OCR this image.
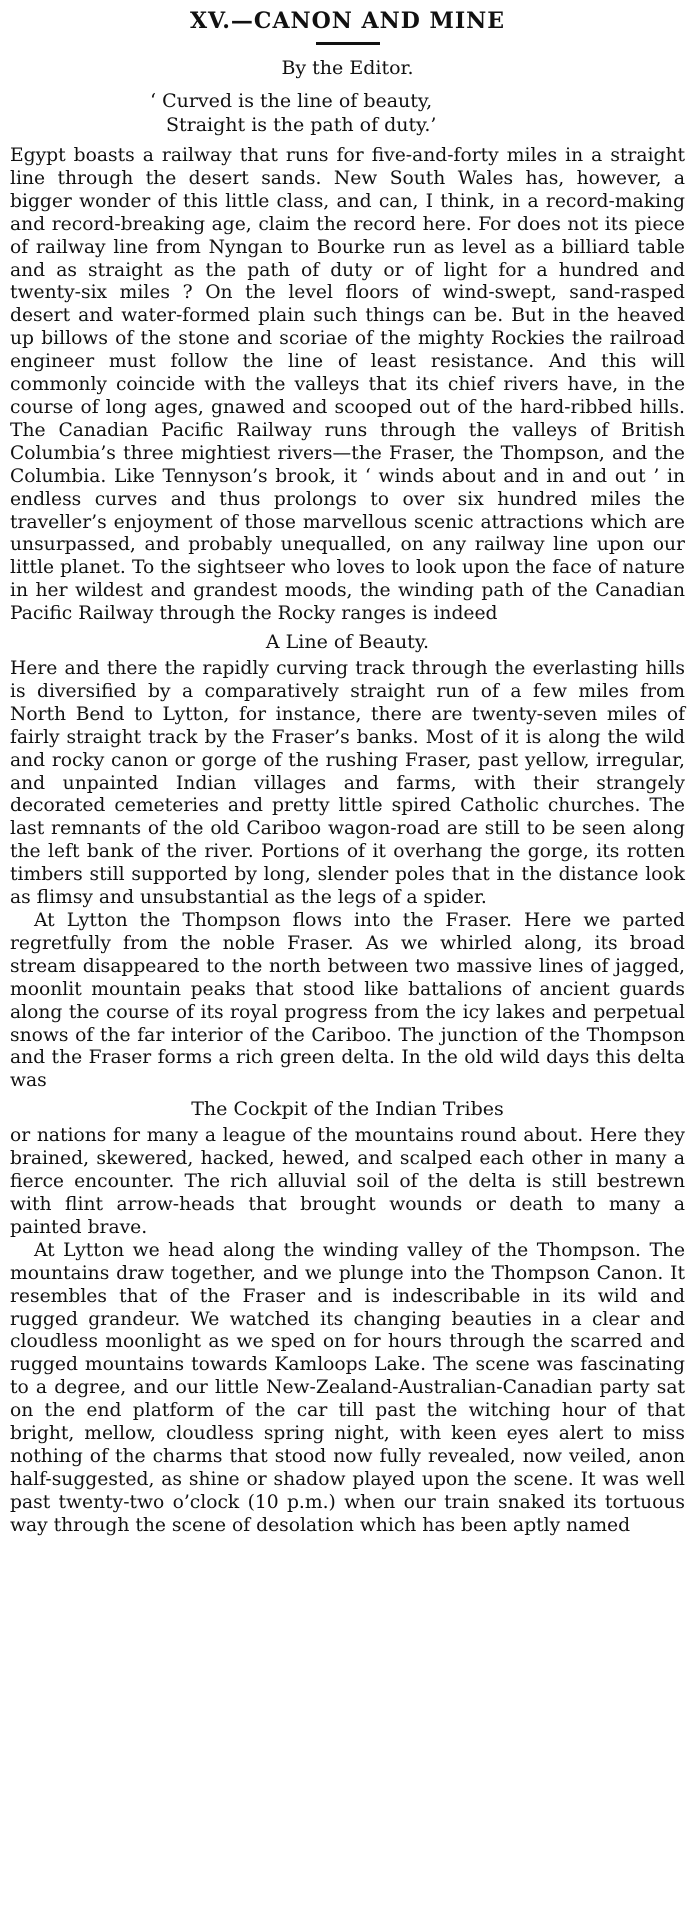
XV.—CANON AND MINE
By the Editor.
‘ Curved is the line of beauty,
Straight is the path of duty.’

Egypt boasts a railway that runs for five-and-forty miles in a straight line through the desert sands. New South Wales has, however, a bigger wonder of this little class, and can, I think, in a record-making and record-breaking age, claim the record here. For does not its piece of railway line from Nyngan to Bourke run as level as a billiard table and as straight as the path of duty or of light for a hundred and twenty-six miles ? On the level floors of wind-swept, sand-rasped desert and water-formed plain such things can be. But in the heaved up billows of the stone and scoriae of the mighty Rockies the railroad engineer must follow the line of least resistance. And this will commonly coincide with the valleys that its chief rivers have, in the course of long ages, gnawed and scooped out of the hard-ribbed hills. The Canadian Pacific Railway runs through the valleys of British Columbia’s three mightiest rivers—the Fraser, the Thompson, and the Columbia. Like Tennyson’s brook, it ‘ winds about and in and out ’ in endless curves and thus prolongs to over six hundred miles the traveller’s enjoyment of those marvellous scenic attractions which are unsurpassed, and probably unequalled, on any railway line upon our little planet. To the sightseer who loves to look upon the face of nature in her wildest and grandest moods, the winding path of the Canadian Pacific Railway through the Rocky ranges is indeed

A Line of Beauty.

Here and there the rapidly curving track through the everlasting hills is diversified by a comparatively straight run of a few miles from North Bend to Lytton, for instance, there are twenty-seven miles of fairly straight track by the Fraser’s banks. Most of it is along the wild and rocky canon or gorge of the rushing Fraser, past yellow, irregular, and unpainted Indian villages and farms, with their strangely decorated cemeteries and pretty little spired Catholic churches. The last remnants of the old Cariboo wagon-road are still to be seen along the left bank of the river. Portions of it overhang the gorge, its rotten timbers still supported by long, slender poles that in the distance look as flimsy and unsubstantial as the legs of a spider.

At Lytton the Thompson flows into the Fraser. Here we parted regretfully from the noble Fraser. As we whirled along, its broad stream disappeared to the north between two massive lines of jagged, moonlit mountain peaks that stood like battalions of ancient guards along the course of its royal progress from the icy lakes and perpetual snows of the far interior of the Cariboo. The junction of the Thompson and the Fraser forms a rich green delta. In the old wild days this delta was

The Cockpit of the Indian Tribes

or nations for many a league of the mountains round about. Here they brained, skewered, hacked, hewed, and scalped each other in many a fierce encounter. The rich alluvial soil of the delta is still bestrewn with flint arrow-heads that brought wounds or death to many a painted brave.

At Lytton we head along the winding valley of the Thompson. The mountains draw together, and we plunge into the Thompson Canon. It resembles that of the Fraser and is indescribable in its wild and rugged grandeur. We watched its changing beauties in a clear and cloudless moonlight as we sped on for hours through the scarred and rugged mountains towards Kamloops Lake. The scene was fascinating to a degree, and our little New-Zealand-Australian-Canadian party sat on the end platform of the car till past the witching hour of that bright, mellow, cloudless spring night, with keen eyes alert to miss nothing of the charms that stood now fully revealed, now veiled, anon half-suggested, as shine or shadow played upon the scene. It was well past twenty-two o’clock (10 p.m.) when our train snaked its tortuous way through the scene of desolation which has been aptly named
